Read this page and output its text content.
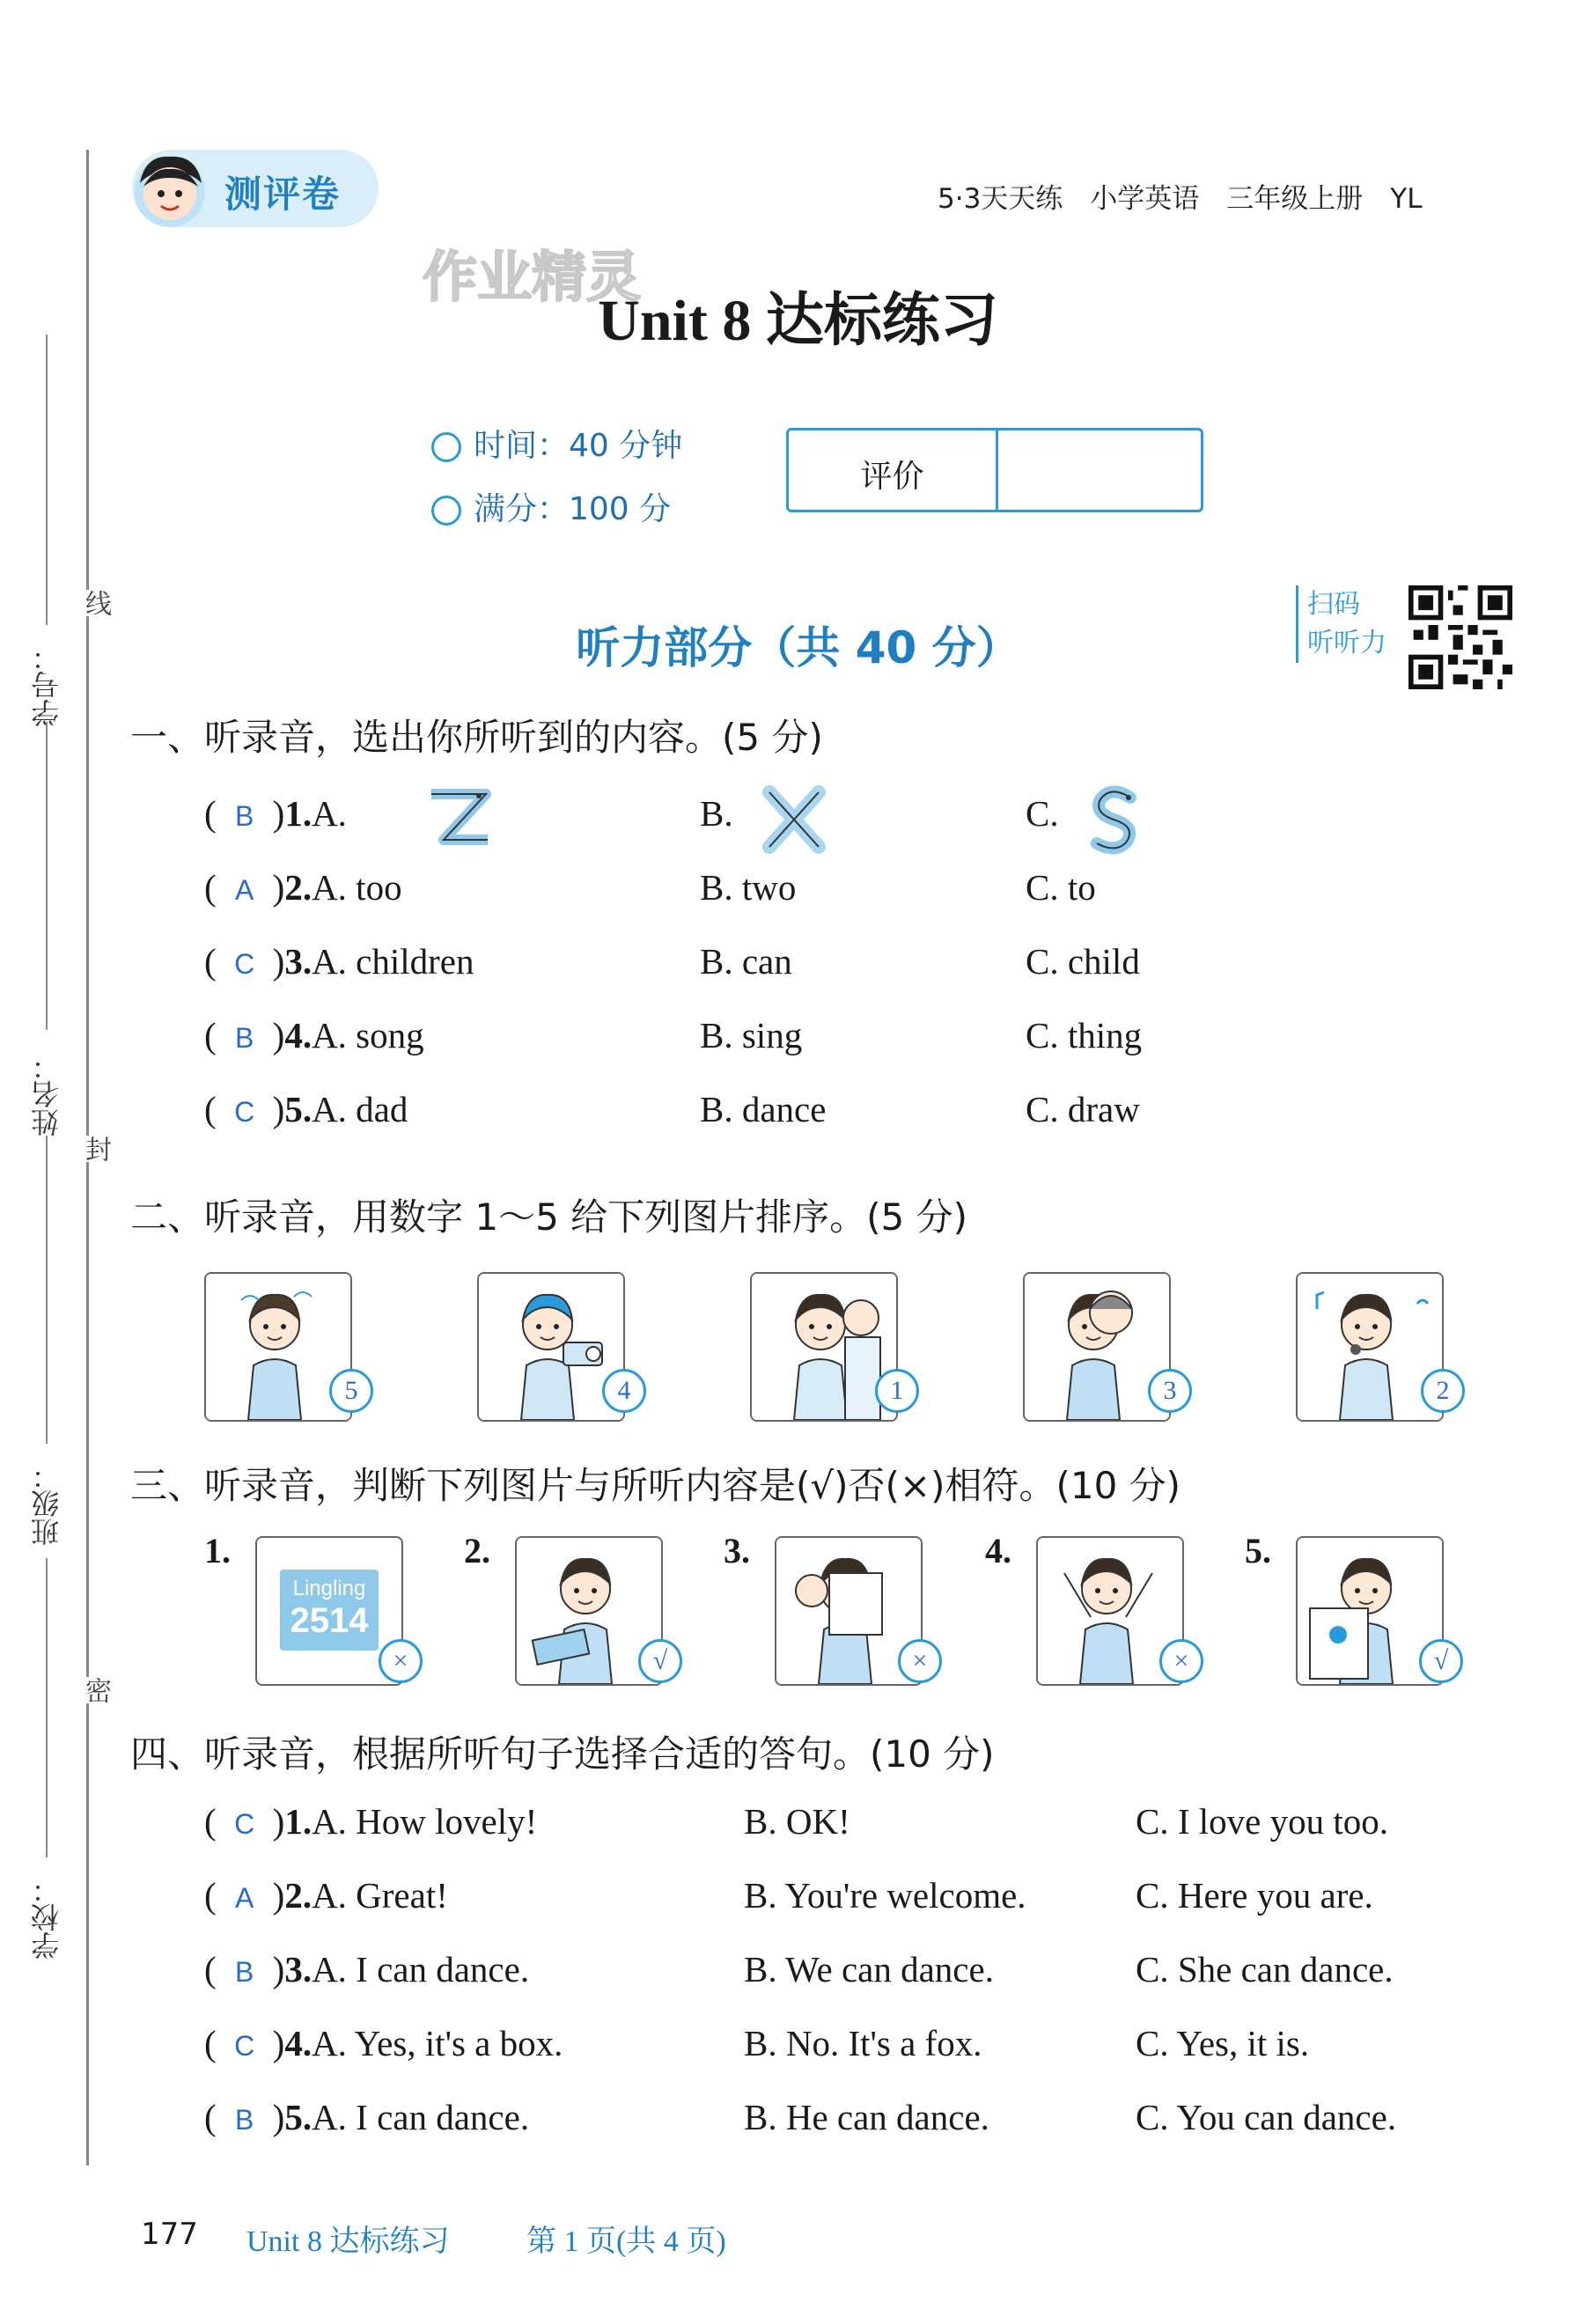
学号：
姓名：
班级：
学校：
线
封
密
测评卷	5·3天天练　小学英语　三年级上册　YL
作业精灵
Unit 8 达标练习
时间：40 分钟
满分：100 分
评价
听力部分（共 40 分）
扫码
听听力
一、听录音，选出你所听到的内容。(5 分)
( B )1.A.	B.	C.
( A )2.A. too	B. two	C. to
( C )3.A. children	B. can	C. child
( B )4.A. song	B. sing	C. thing
( C )5.A. dad	B. dance	C. draw
二、听录音，用数字 1～5 给下列图片排序。(5 分)
5	4	1	3	2
三、听录音，判断下列图片与所听内容是(√)否(×)相符。(10 分)
1.
Lingling
2514
×
2.
√
3.
×
4.
×
5.
√
四、听录音，根据所听句子选择合适的答句。(10 分)
( C )1.A. How lovely!	B. OK!	C. I love you too.
( A )2.A. Great!	B. You're welcome.	C. Here you are.
( B )3.A. I can dance.	B. We can dance.	C. She can dance.
( C )4.A. Yes, it's a box.	B. No. It's a fox.	C. Yes, it is.
( B )5.A. I can dance.	B. He can dance.	C. You can dance.
177 Unit 8 达标练习	第 1 页(共 4 页)
